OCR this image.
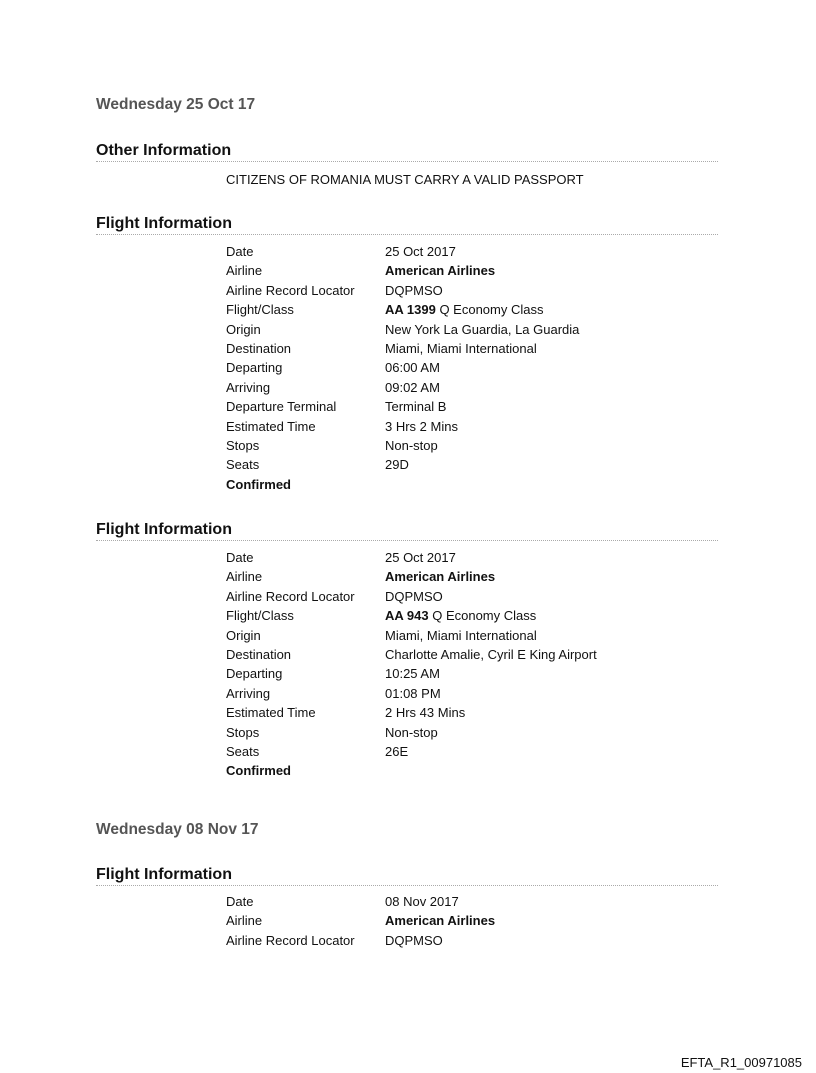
Wednesday 25 Oct 17
Other Information
CITIZENS OF ROMANIA MUST CARRY A VALID PASSPORT
Flight Information
Date	25 Oct 2017
Airline	American Airlines
Airline Record Locator	DQPMSO
Flight/Class	AA 1399 Q Economy Class
Origin	New York La Guardia, La Guardia
Destination	Miami, Miami International
Departing	06:00 AM
Arriving	09:02 AM
Departure Terminal	Terminal B
Estimated Time	3 Hrs 2 Mins
Stops	Non-stop
Seats	29D
Confirmed
Flight Information
Date	25 Oct 2017
Airline	American Airlines
Airline Record Locator	DQPMSO
Flight/Class	AA 943 Q Economy Class
Origin	Miami, Miami International
Destination	Charlotte Amalie, Cyril E King Airport
Departing	10:25 AM
Arriving	01:08 PM
Estimated Time	2 Hrs 43 Mins
Stops	Non-stop
Seats	26E
Confirmed
Wednesday 08 Nov 17
Flight Information
Date	08 Nov 2017
Airline	American Airlines
Airline Record Locator	DQPMSO
EFTA_R1_00971085
